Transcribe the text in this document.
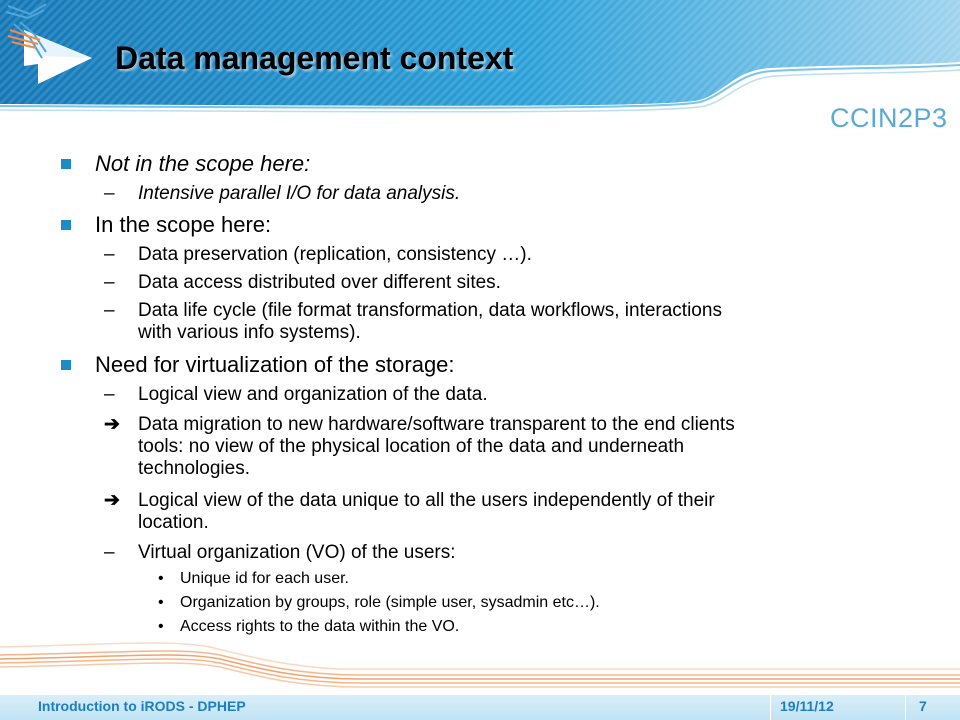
Data management context
CCIN2P3
Not in the scope here:
– Intensive parallel I/O for data analysis.
In the scope here:
– Data preservation (replication, consistency …).
– Data access distributed over different sites.
– Data life cycle (file format transformation, data workflows, interactions
with various info systems).
Need for virtualization of the storage:
– Logical view and organization of the data.
➔ Data migration to new hardware/software transparent to the end clients
tools: no view of the physical location of the data and underneath
technologies.
➔ Logical view of the data unique to all the users independently of their
location.
– Virtual organization (VO) of the users:
• Unique id for each user.
• Organization by groups, role (simple user, sysadmin etc…).
• Access rights to the data within the VO.
Introduction to iRODS - DPHEP	19/11/12	7
